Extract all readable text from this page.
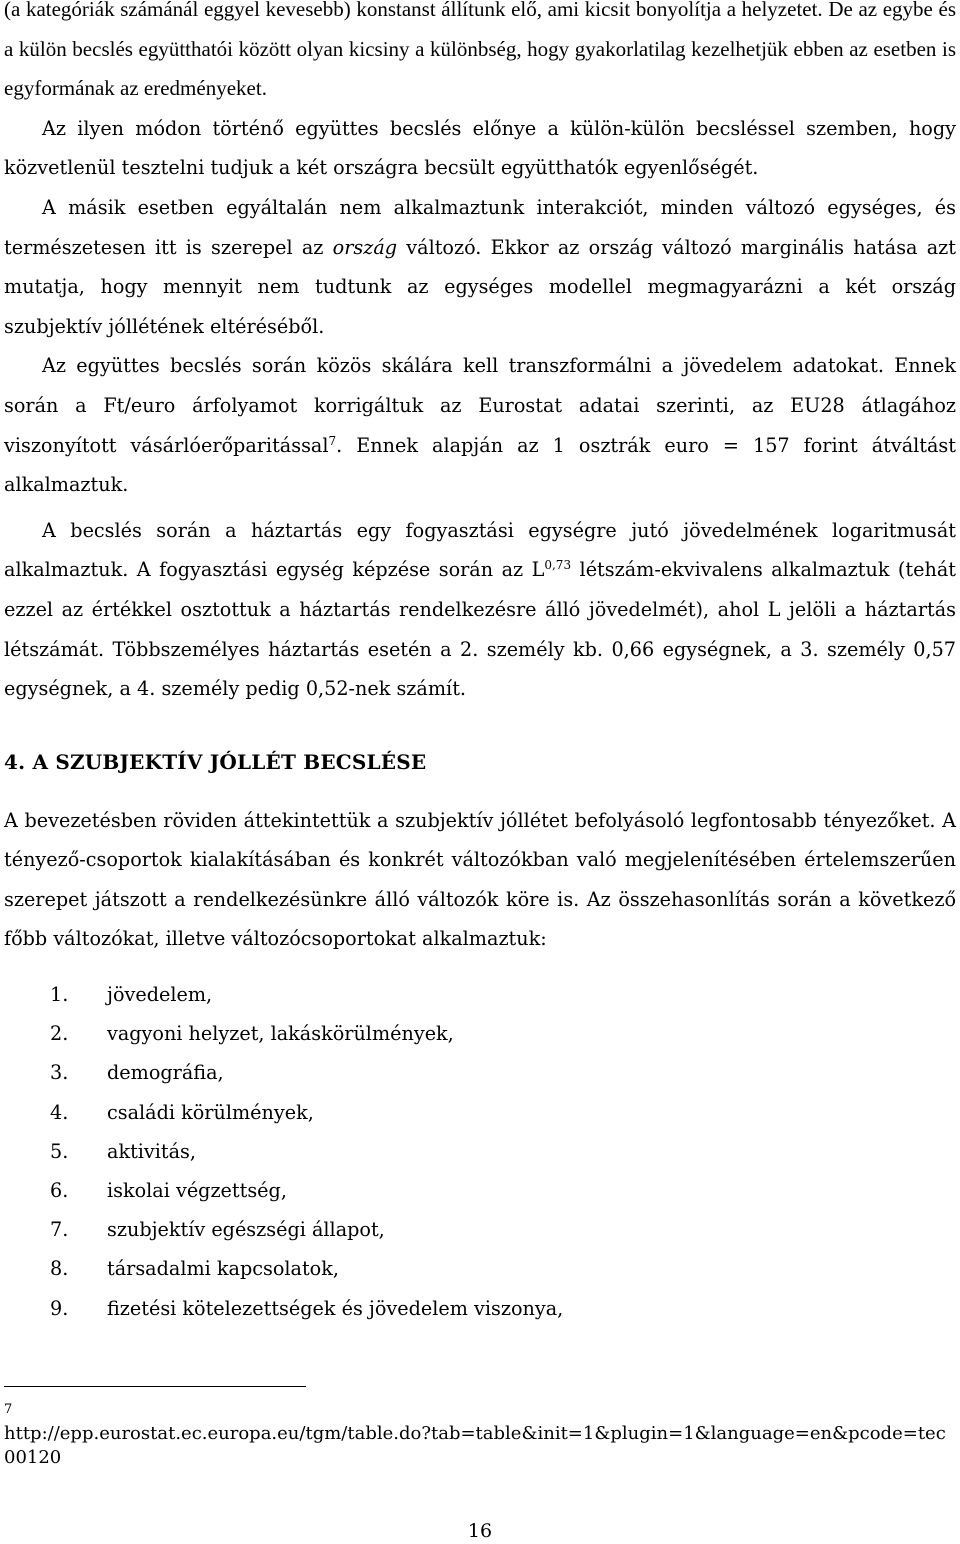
(a kategóriák számánál eggyel kevesebb) konstanst állítunk elő, ami kicsit bonyolítja a helyzetet. De az egybe és a külön becslés együtthatói között olyan kicsiny a különbség, hogy gyakorlatilag kezelhetjük ebben az esetben is egyformának az eredményeket.

Az ilyen módon történő együttes becslés előnye a külön-külön becsléssel szemben, hogy közvetlenül tesztelni tudjuk a két országra becsült együtthatók egyenlőségét.

A másik esetben egyáltalán nem alkalmaztunk interakciót, minden változó egységes, és természetesen itt is szerepel az ország változó. Ekkor az ország változó marginális hatása azt mutatja, hogy mennyit nem tudtunk az egységes modellel megmagyarázni a két ország szubjektív jóllétének eltéréséből.

Az együttes becslés során közös skálára kell transzformálni a jövedelem adatokat. Ennek során a Ft/euro árfolyamot korrigáltuk az Eurostat adatai szerinti, az EU28 átlagához viszonyított vásárlóerőparitással$^7$. Ennek alapján az 1 osztrák euro = 157 forint átváltást alkalmaztuk.

A becslés során a háztartás egy fogyasztási egységre jutó jövedelmének logaritmusát alkalmaztuk. A fogyasztási egység képzése során az L$^{0,73}$ létszám-ekvivalens alkalmaztuk (tehát ezzel az értékkel osztottuk a háztartás rendelkezésre álló jövedelmét), ahol L jelöli a háztartás létszámát. Többszemélyes háztartás esetén a 2. személy kb. 0,66 egységnek, a 3. személy 0,57 egységnek, a 4. személy pedig 0,52-nek számít.

4. A SZUBJEKTÍV JÓLLÉT BECSLÉSE

A bevezetésben röviden áttekintettük a szubjektív jóllétet befolyásoló legfontosabb tényezőket. A tényező-csoportok kialakításában és konkrét változókban való megjelenítésében értelemszerűen szerepet játszott a rendelkezésünkre álló változók köre is. Az összehasonlítás során a következő főbb változókat, illetve változócsoportokat alkalmaztuk:

1. jövedelem,
2. vagyoni helyzet, lakáskörülmények,
3. demográfia,
4. családi körülmények,
5. aktivitás,
6. iskolai végzettség,
7. szubjektív egészségi állapot,
8. társadalmi kapcsolatok,
9. fizetési kötelezettségek és jövedelem viszonya,
7
http://epp.eurostat.ec.europa.eu/tgm/table.do?tab=table&init=1&plugin=1&language=en&pcode=tec00120
16
